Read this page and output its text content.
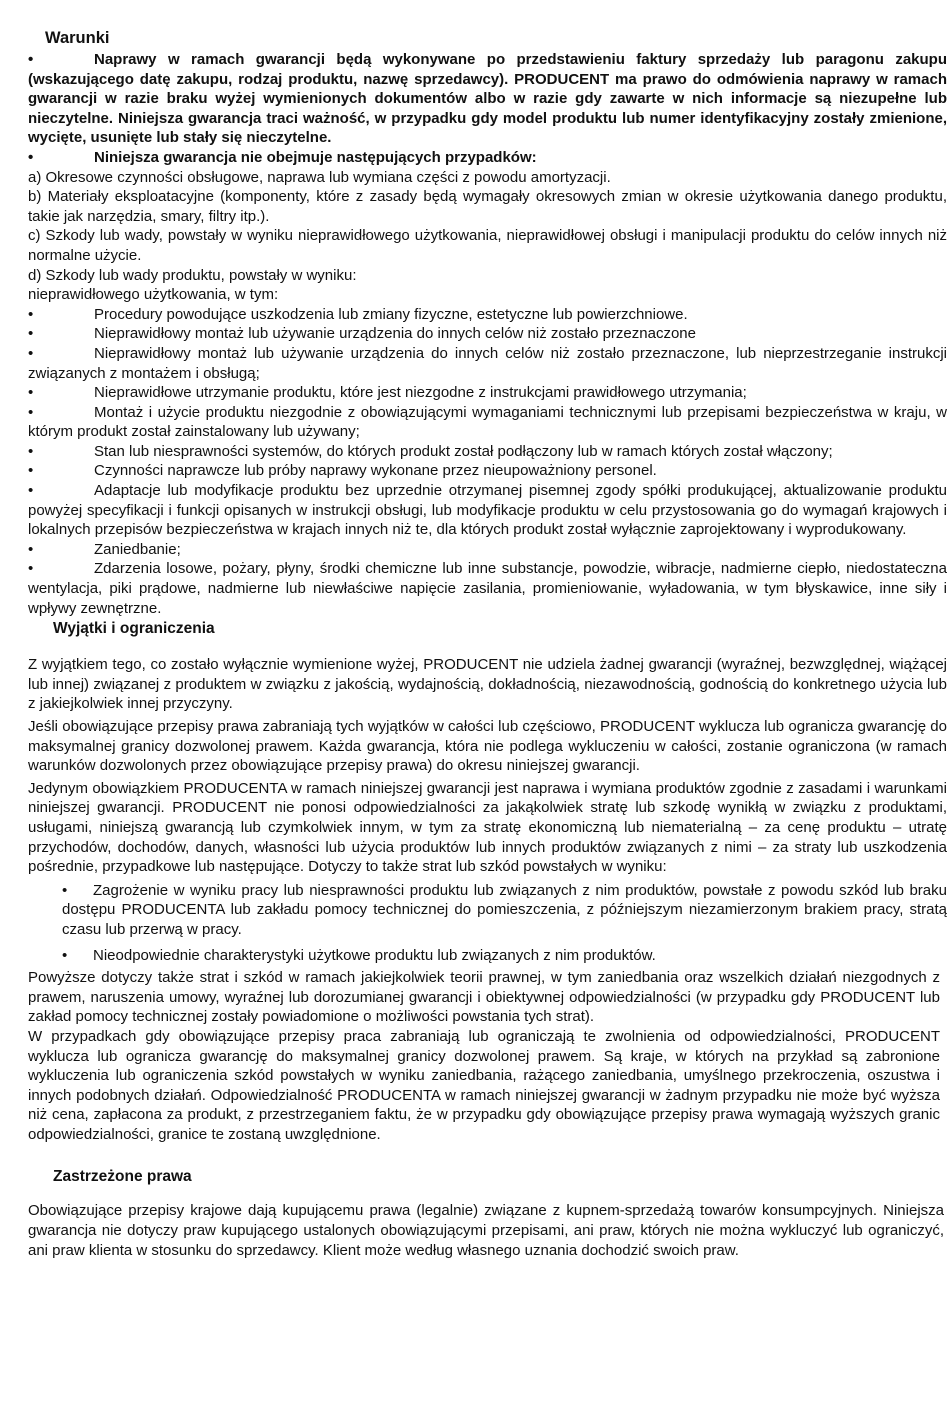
Warunki
•	Naprawy w ramach gwarancji będą wykonywane po przedstawieniu faktury sprzedaży lub paragonu zakupu (wskazującego datę zakupu, rodzaj produktu, nazwę sprzedawcy). PRODUCENT ma prawo do odmówienia naprawy w ramach gwarancji w razie braku wyżej wymienionych dokumentów albo w razie gdy zawarte w nich informacje są niezupełne lub nieczytelne. Niniejsza gwarancja traci ważność, w przypadku gdy model produktu lub numer identyfikacyjny zostały zmienione, wycięte, usunięte lub stały się nieczytelne.
•	Niniejsza gwarancja nie obejmuje następujących przypadków:
a) Okresowe czynności obsługowe, naprawa lub wymiana części z powodu amortyzacji.
b) Materiały eksploatacyjne (komponenty, które z zasady będą wymagały okresowych zmian w okresie użytkowania danego produktu, takie jak narzędzia, smary, filtry itp.).
c) Szkody lub wady, powstały w wyniku nieprawidłowego użytkowania, nieprawidłowej obsługi i manipulacji produktu do celów innych niż normalne użycie.
d) Szkody lub wady produktu, powstały w wyniku:
nieprawidłowego użytkowania, w tym:
•	Procedury powodujące uszkodzenia lub zmiany fizyczne, estetyczne lub powierzchniowe.
•	Nieprawidłowy montaż lub używanie urządzenia do innych celów niż zostało przeznaczone
•	Nieprawidłowy montaż lub używanie urządzenia do innych celów niż zostało przeznaczone, lub nieprzestrzeganie instrukcji związanych z montażem i obsługą;
•	Nieprawidłowe utrzymanie produktu, które jest niezgodne z instrukcjami prawidłowego utrzymania;
•	Montaż i użycie produktu niezgodnie z obowiązującymi wymaganiami technicznymi lub przepisami bezpieczeństwa w kraju, w którym produkt został zainstalowany lub używany;
•	Stan lub niesprawności systemów, do których produkt został podłączony lub w ramach których został włączony;
•	Czynności naprawcze lub próby naprawy wykonane przez nieupoważniony personel.
•	Adaptacje lub modyfikacje produktu bez uprzednie otrzymanej pisemnej zgody spółki produkującej, aktualizowanie produktu powyżej specyfikacji i funkcji opisanych w instrukcji obsługi, lub modyfikacje produktu w celu przystosowania go do wymagań krajowych i lokalnych przepisów bezpieczeństwa w krajach innych niż te, dla których produkt został wyłącznie zaprojektowany i wyprodukowany.
•	Zaniedbanie;
•	Zdarzenia losowe, pożary, płyny, środki chemiczne lub inne substancje, powodzie, wibracje, nadmierne ciepło, niedostateczna wentylacja, piki prądowe, nadmierne lub niewłaściwe napięcie zasilania, promieniowanie, wyładowania, w tym błyskawice, inne siły i wpływy zewnętrzne.
Wyjątki i ograniczenia

Z wyjątkiem tego, co zostało wyłącznie wymienione wyżej, PRODUCENT nie udziela żadnej gwarancji (wyraźnej, bezwzględnej, wiążącej lub innej) związanej z produktem w związku z jakością, wydajnością, dokładnością, niezawodnością, godnością do konkretnego użycia lub z jakiejkolwiek innej przyczyny.

Jeśli obowiązujące przepisy prawa zabraniają tych wyjątków w całości lub częściowo, PRODUCENT wyklucza lub ogranicza gwarancję do maksymalnej granicy dozwolonej prawem. Każda gwarancja, która nie podlega wykluczeniu w całości, zostanie ograniczona (w ramach warunków dozwolonych przez obowiązujące przepisy prawa) do okresu niniejszej gwarancji.

Jedynym obowiązkiem PRODUCENTA w ramach niniejszej gwarancji jest naprawa i wymiana produktów zgodnie z zasadami i warunkami niniejszej gwarancji. PRODUCENT nie ponosi odpowiedzialności za jakąkolwiek stratę lub szkodę wynikłą w związku z produktami, usługami, niniejszą gwarancją lub czymkolwiek innym, w tym za stratę ekonomiczną lub niematerialną – za cenę produktu – utratę przychodów, dochodów, danych, własności lub użycia produktów lub innych produktów związanych z nimi – za straty lub uszkodzenia pośrednie, przypadkowe lub następujące. Dotyczy to także strat lub szkód powstałych w wyniku:

• Zagrożenie w wyniku pracy lub niesprawności produktu lub związanych z nim produktów, powstałe z powodu szkód lub braku dostępu PRODUCENTA lub zakładu pomocy technicznej do pomieszczenia, z późniejszym niezamierzonym brakiem pracy, stratą czasu lub przerwą w pracy.
• Nieodpowiednie charakterystyki użytkowe produktu lub związanych z nim produktów.

Powyższe dotyczy także strat i szkód w ramach jakiejkolwiek teorii prawnej, w tym zaniedbania oraz wszelkich działań niezgodnych z prawem, naruszenia umowy, wyraźnej lub dorozumianej gwarancji i obiektywnej odpowiedzialności (w przypadku gdy PRODUCENT lub zakład pomocy technicznej zostały powiadomione o możliwości powstania tych strat).

W przypadkach gdy obowiązujące przepisy praca zabraniają lub ograniczają te zwolnienia od odpowiedzialności, PRODUCENT wyklucza lub ogranicza gwarancję do maksymalnej granicy dozwolonej prawem. Są kraje, w których na przykład są zabronione wykluczenia lub ograniczenia szkód powstałych w wyniku zaniedbania, rażącego zaniedbania, umyślnego przekroczenia, oszustwa i innych podobnych działań. Odpowiedzialność PRODUCENTA w ramach niniejszej gwarancji w żadnym przypadku nie może być wyższa niż cena, zapłacona za produkt, z przestrzeganiem faktu, że w przypadku gdy obowiązujące przepisy prawa wymagają wyższych granic odpowiedzialności, granice te zostaną uwzględnione.

Zastrzeżone prawa

Obowiązujące przepisy krajowe dają kupującemu prawa (legalnie) związane z kupnem-sprzedażą towarów konsumpcyjnych. Niniejsza gwarancja nie dotyczy praw kupującego ustalonych obowiązującymi przepisami, ani praw, których nie można wykluczyć lub ograniczyć, ani praw klienta w stosunku do sprzedawcy. Klient może według własnego uznania dochodzić swoich praw.
